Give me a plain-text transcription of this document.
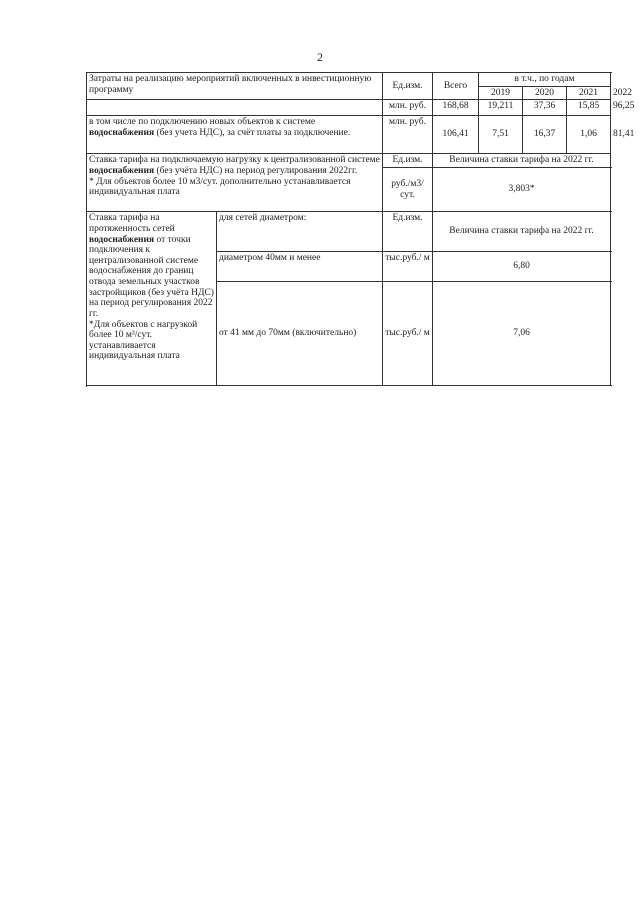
2
Затраты на реализацию мероприятий включенных в инвестиционную программу		Ед.изм.	Всего	в т.ч., по годам			
				2019	2020	2021	2022
		млн. руб.	168,68	19,211	37,36	15,85	96,25
в том числе по подключению новых объектов к системе водоснабжения (без учета НДС), за счёт платы за подключение.		млн. руб.	106,41	7,51	16,37	1,06	81,41
Ставка тарифа на подключаемую нагрузку к централизованной системе водоснабжения (без учёта НДС) на период регулирования 2022гг.
* Для объектов более 10 м3/сут. дополнительно устанавливается индивидуальная плата		Ед.изм.	Величина ставки тарифа на 2022 гг.				
		руб./м3/ сут.	3,803*				
Ставка тарифа на протяженность сетей водоснабжения от точки подключения к централизованной системе водоснабжения до границ отвода земельных участков застройщиков (без учёта НДС) на период регулирования 2022 гг.
*Для объектов с нагрузкой более 10 м³/сут. устанавливается индивидуальная плата	для сетей диаметром:	Ед.изм.	Величина ставки тарифа на 2022 гг.				
	диаметром 40мм и менее	тыс.руб./ м	6,80				
	от 41 мм до 70мм (включительно)	тыс.руб./ м	7,06				
